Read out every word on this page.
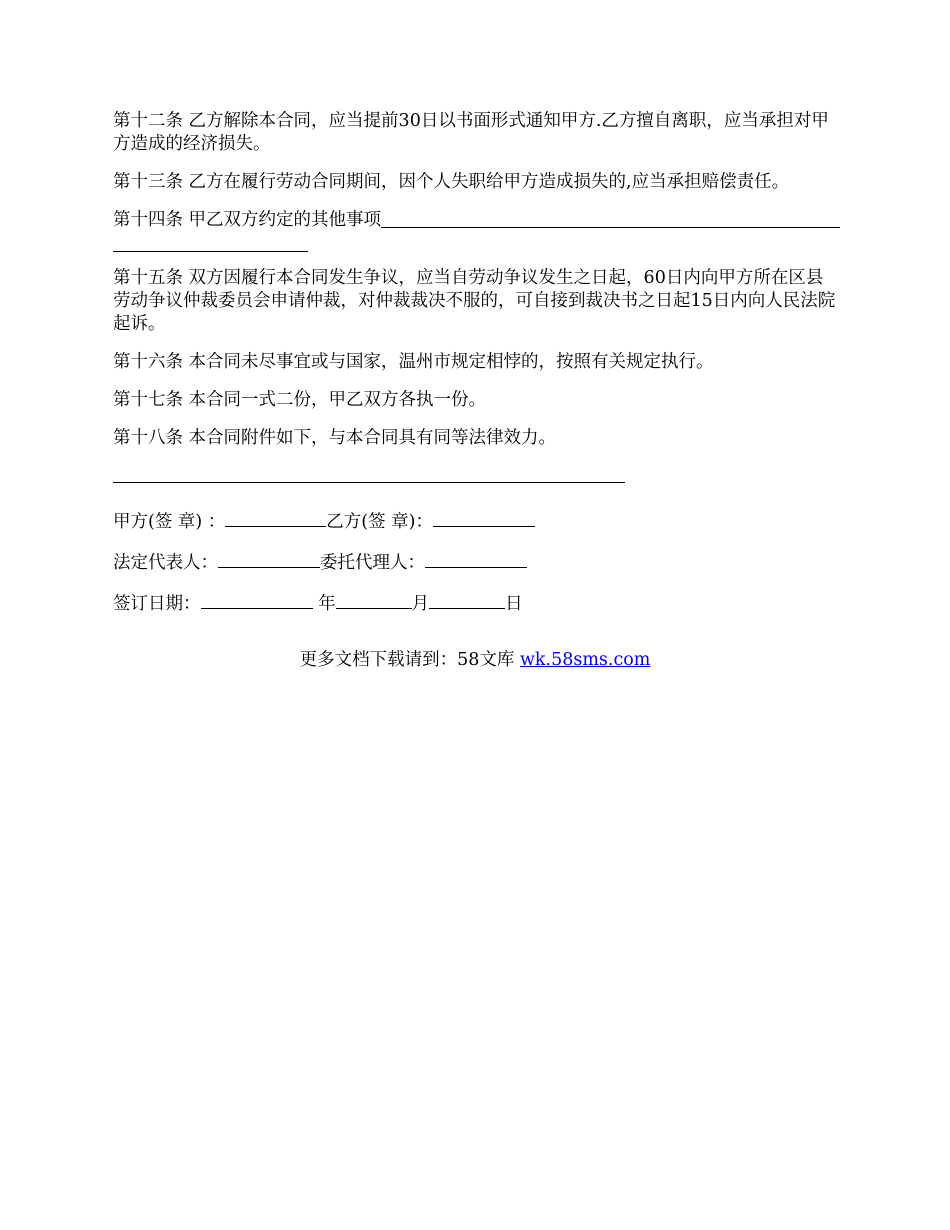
第十二条 乙方解除本合同，应当提前30日以书面形式通知甲方.乙方擅自离职，应当承担对甲方造成的经济损失。

第十三条 乙方在履行劳动合同期间，因个人失职给甲方造成损失的,应当承担赔偿责任。

第十四条 甲乙双方约定的其他事项

第十五条 双方因履行本合同发生争议，应当自劳动争议发生之日起，60日内向甲方所在区县劳动争议仲裁委员会申请仲裁，对仲裁裁决不服的，可自接到裁决书之日起15日内向人民法院起诉。

第十六条 本合同未尽事宜或与国家，温州市规定相悖的，按照有关规定执行。

第十七条 本合同一式二份，甲乙双方各执一份。

第十八条 本合同附件如下，与本合同具有同等法律效力。

甲方(签 章) ：	乙方(签 章)：
法定代表人：	委托代理人：
签订日期：	年	月	日
更多文档下载请到：58文库 wk.58sms.com
